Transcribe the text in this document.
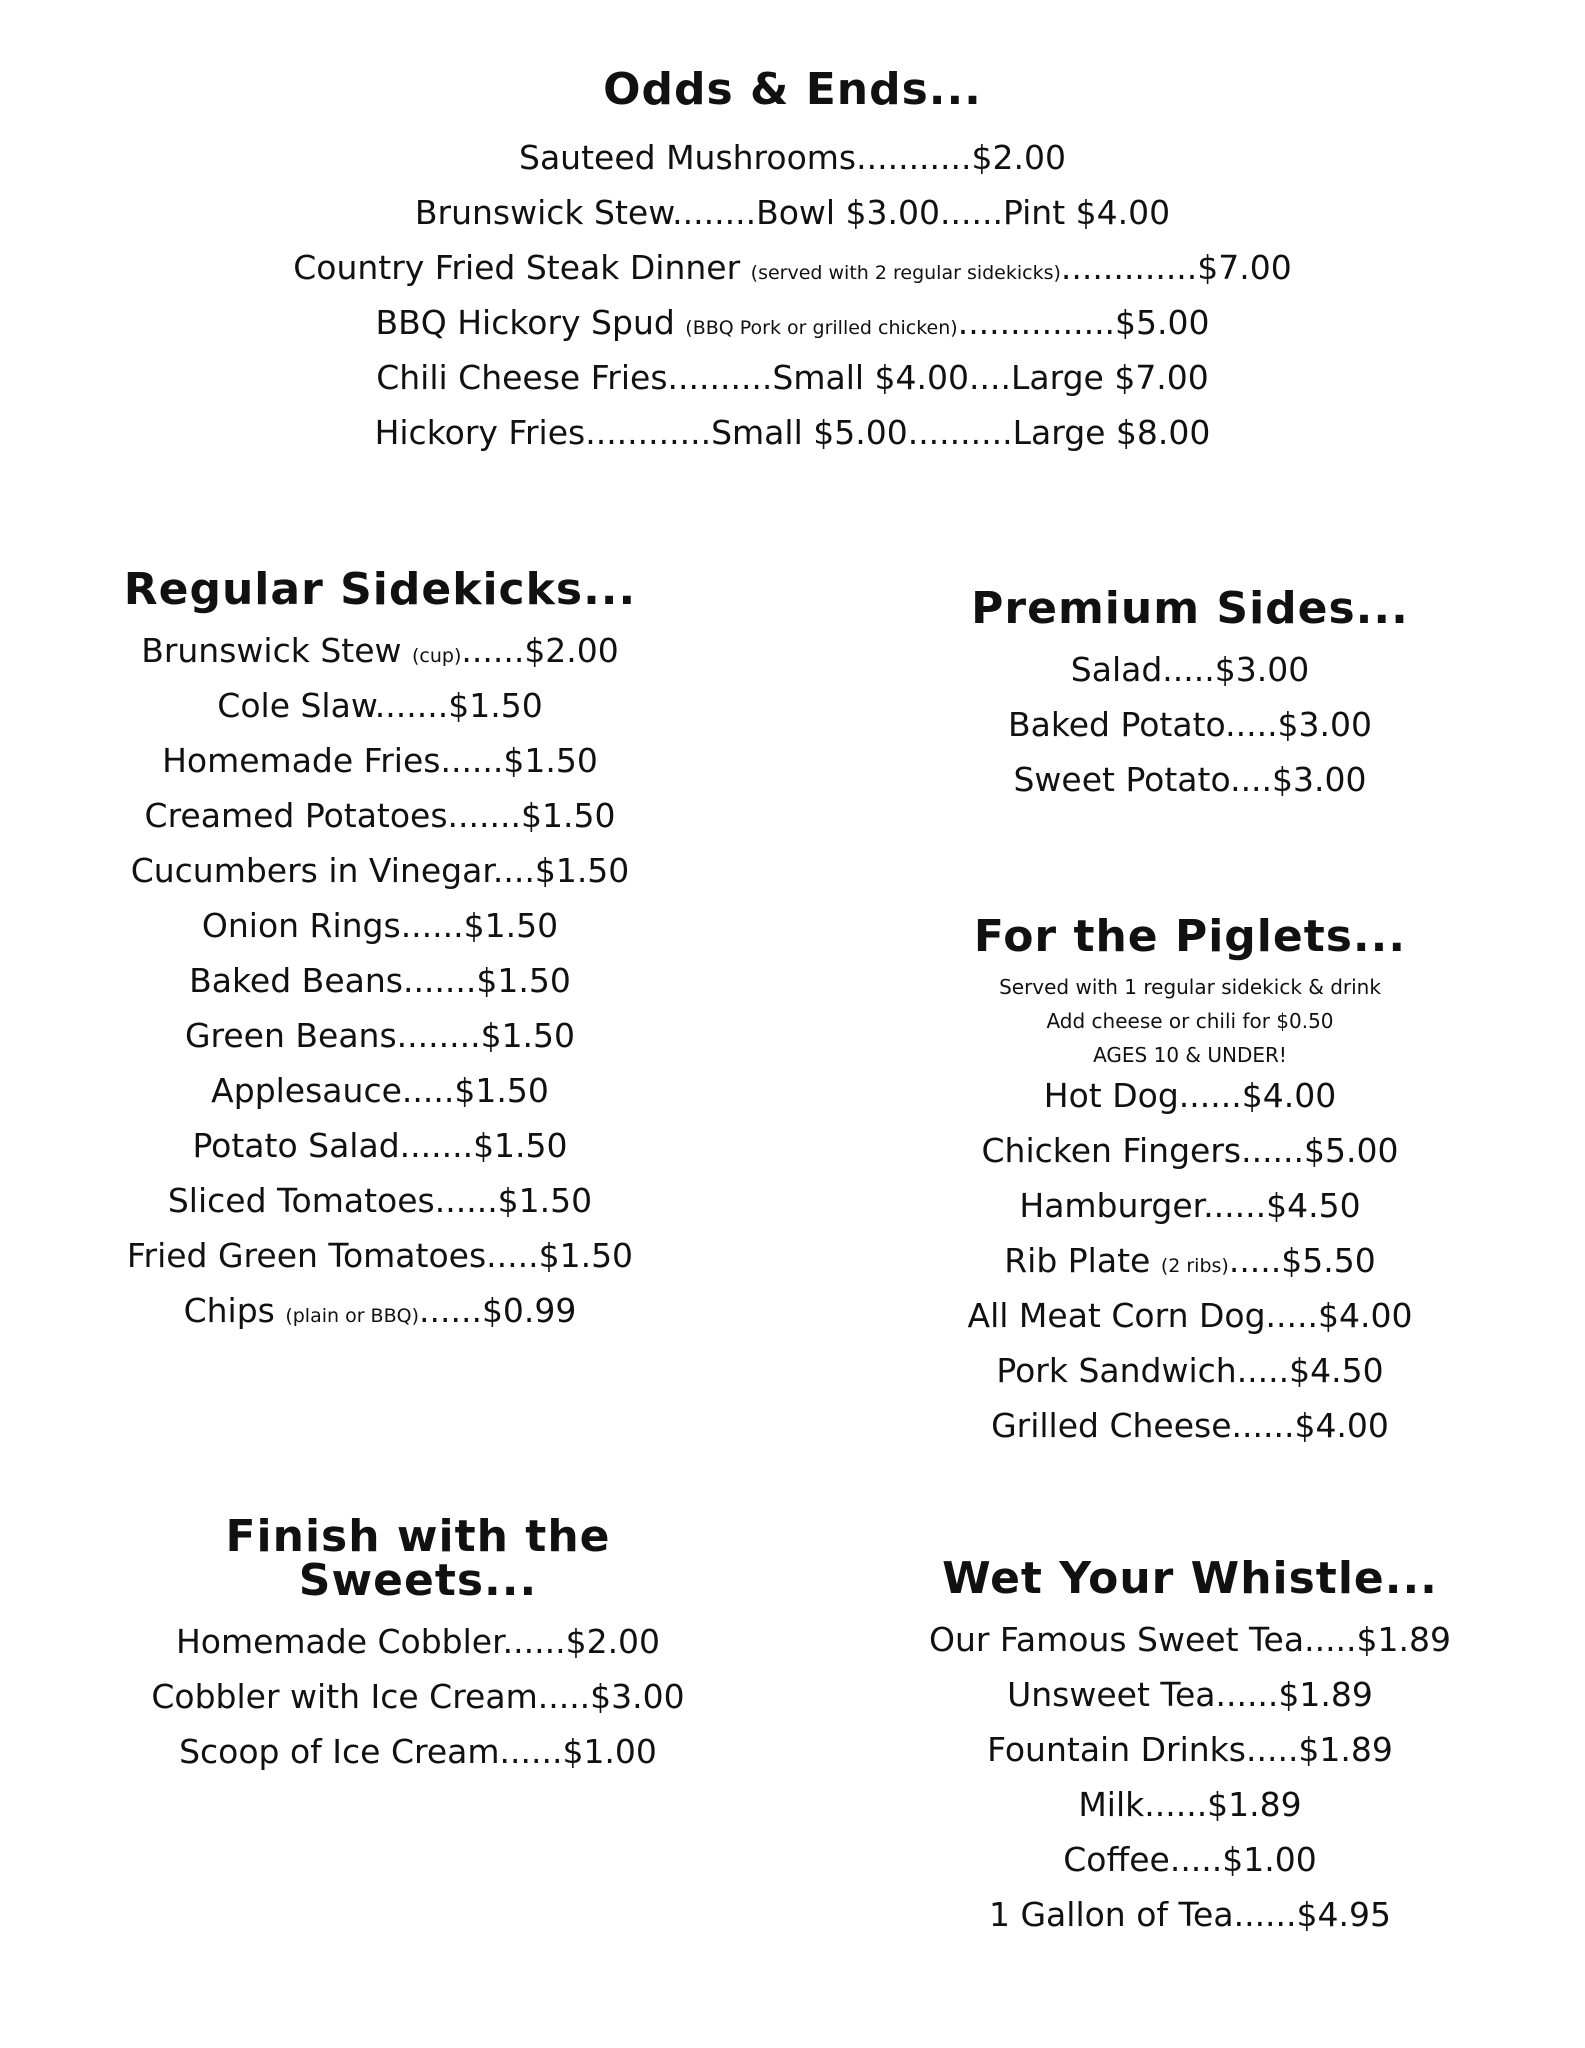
Odds & Ends...
Sauteed Mushrooms...........$2.00
Brunswick Stew........Bowl $3.00......Pint $4.00
Country Fried Steak Dinner (served with 2 regular sidekicks).............$7.00
BBQ Hickory Spud (BBQ Pork or grilled chicken)...............$5.00
Chili Cheese Fries..........Small $4.00....Large $7.00
Hickory Fries............Small $5.00..........Large $8.00
Regular Sidekicks...
Brunswick Stew (cup)......$2.00
Cole Slaw.......$1.50
Homemade Fries......$1.50
Creamed Potatoes.......$1.50
Cucumbers in Vinegar....$1.50
Onion Rings......$1.50
Baked Beans.......$1.50
Green Beans........$1.50
Applesauce.....$1.50
Potato Salad.......$1.50
Sliced Tomatoes......$1.50
Fried Green Tomatoes.....$1.50
Chips (plain or BBQ)......$0.99
Premium Sides...
Salad.....$3.00
Baked Potato.....$3.00
Sweet Potato....$3.00
For the Piglets...
Served with 1 regular sidekick & drink
Add cheese or chili for $0.50
AGES 10 & UNDER!
Hot Dog......$4.00
Chicken Fingers......$5.00
Hamburger......$4.50
Rib Plate (2 ribs).....$5.50
All Meat Corn Dog.....$4.00
Pork Sandwich.....$4.50
Grilled Cheese......$4.00
Finish with the Sweets...
Homemade Cobbler......$2.00
Cobbler with Ice Cream.....$3.00
Scoop of Ice Cream......$1.00
Wet Your Whistle...
Our Famous Sweet Tea.....$1.89
Unsweet Tea......$1.89
Fountain Drinks.....$1.89
Milk......$1.89
Coffee.....$1.00
1 Gallon of Tea......$4.95
